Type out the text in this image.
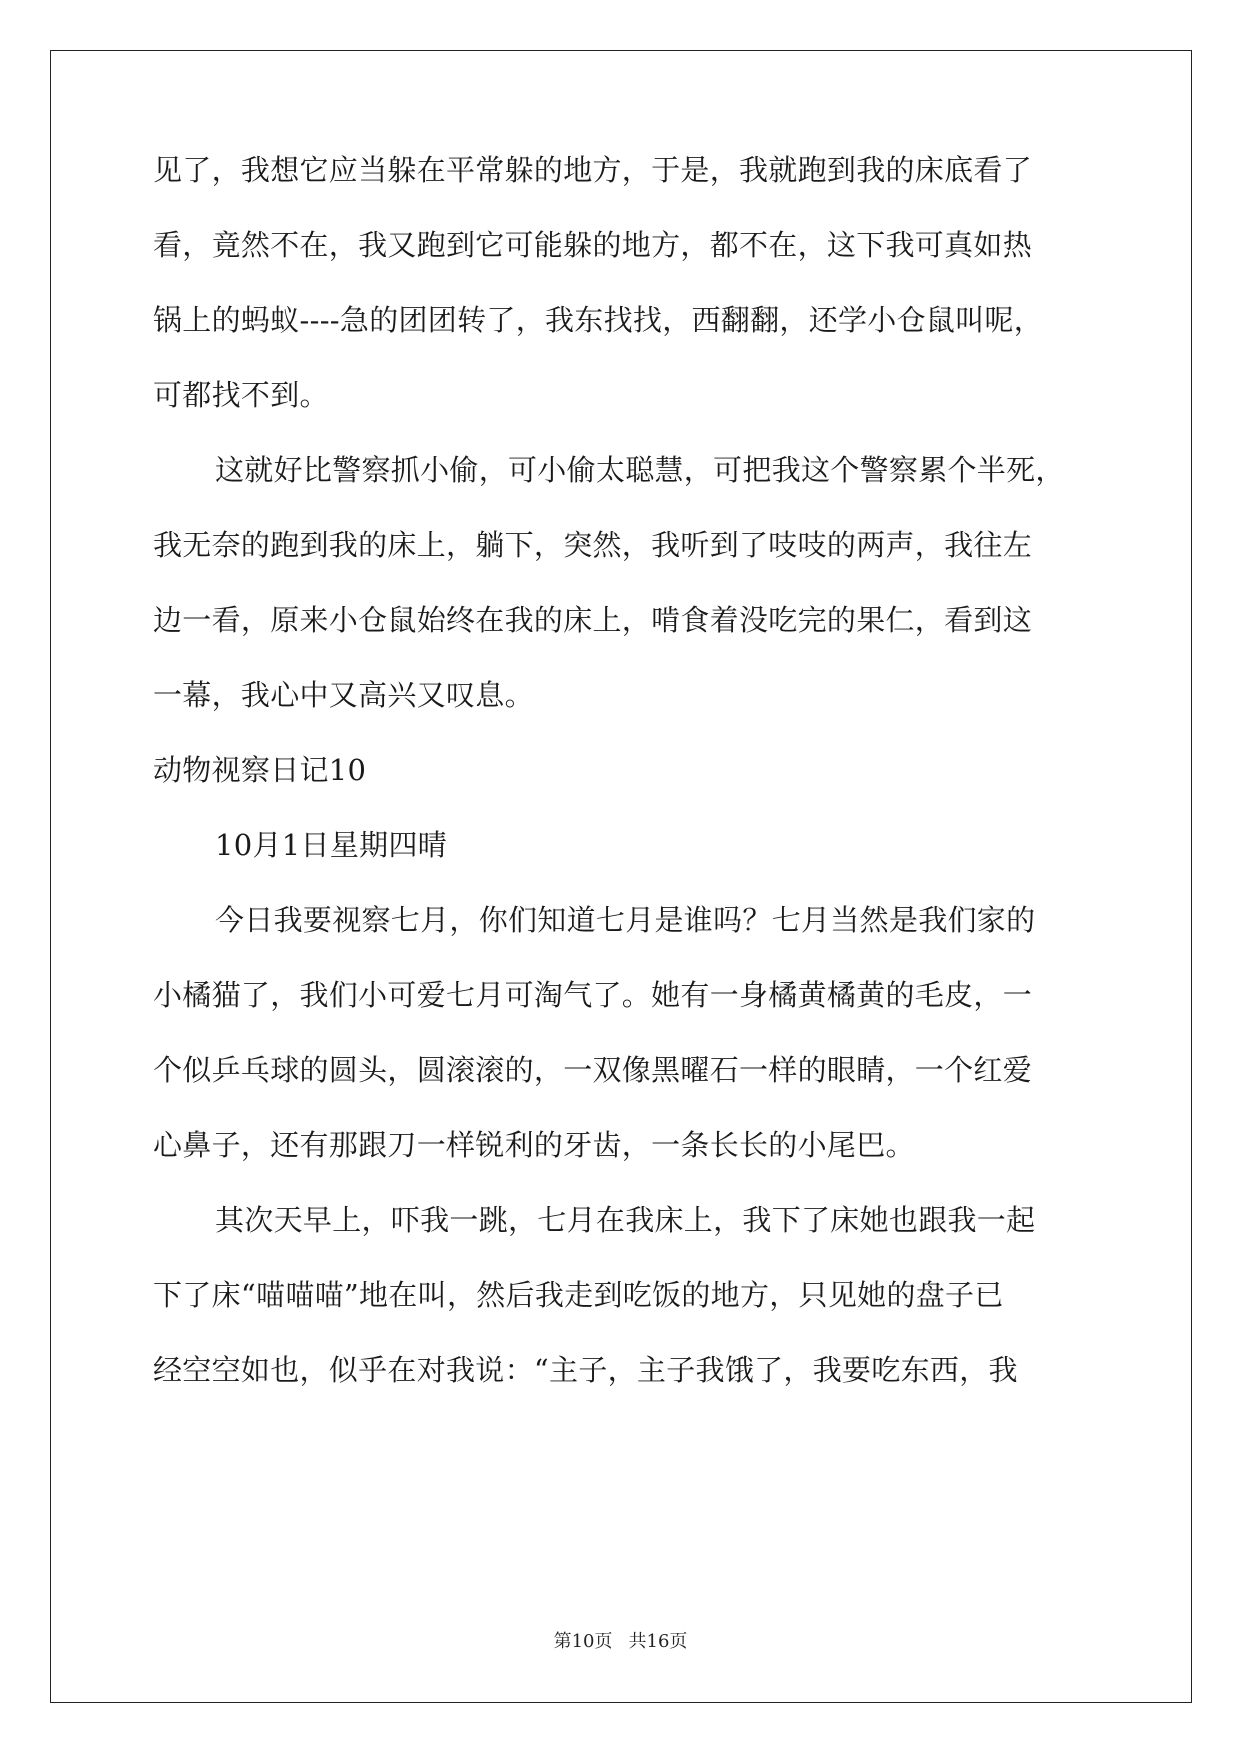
见了，我想它应当躲在平常躲的地方，于是，我就跑到我的床底看了
看，竟然不在，我又跑到它可能躲的地方，都不在，这下我可真如热
锅上的蚂蚁----急的团团转了，我东找找，西翻翻，还学小仓鼠叫呢，
可都找不到。
这就好比警察抓小偷，可小偷太聪慧，可把我这个警察累个半死，
我无奈的跑到我的床上，躺下，突然，我听到了吱吱的两声，我往左
边一看，原来小仓鼠始终在我的床上，啃食着没吃完的果仁，看到这
一幕，我心中又高兴又叹息。
动物视察日记10
10月1日星期四晴
今日我要视察七月，你们知道七月是谁吗？七月当然是我们家的
小橘猫了，我们小可爱七月可淘气了。她有一身橘黄橘黄的毛皮，一
个似乒乓球的圆头，圆滚滚的，一双像黑曜石一样的眼睛，一个红爱
心鼻子，还有那跟刀一样锐利的牙齿，一条长长的小尾巴。
其次天早上，吓我一跳，七月在我床上，我下了床她也跟我一起
下了床“喵喵喵”地在叫，然后我走到吃饭的地方，只见她的盘子已
经空空如也，似乎在对我说：“主子，主子我饿了，我要吃东西，我
第10页 共16页
